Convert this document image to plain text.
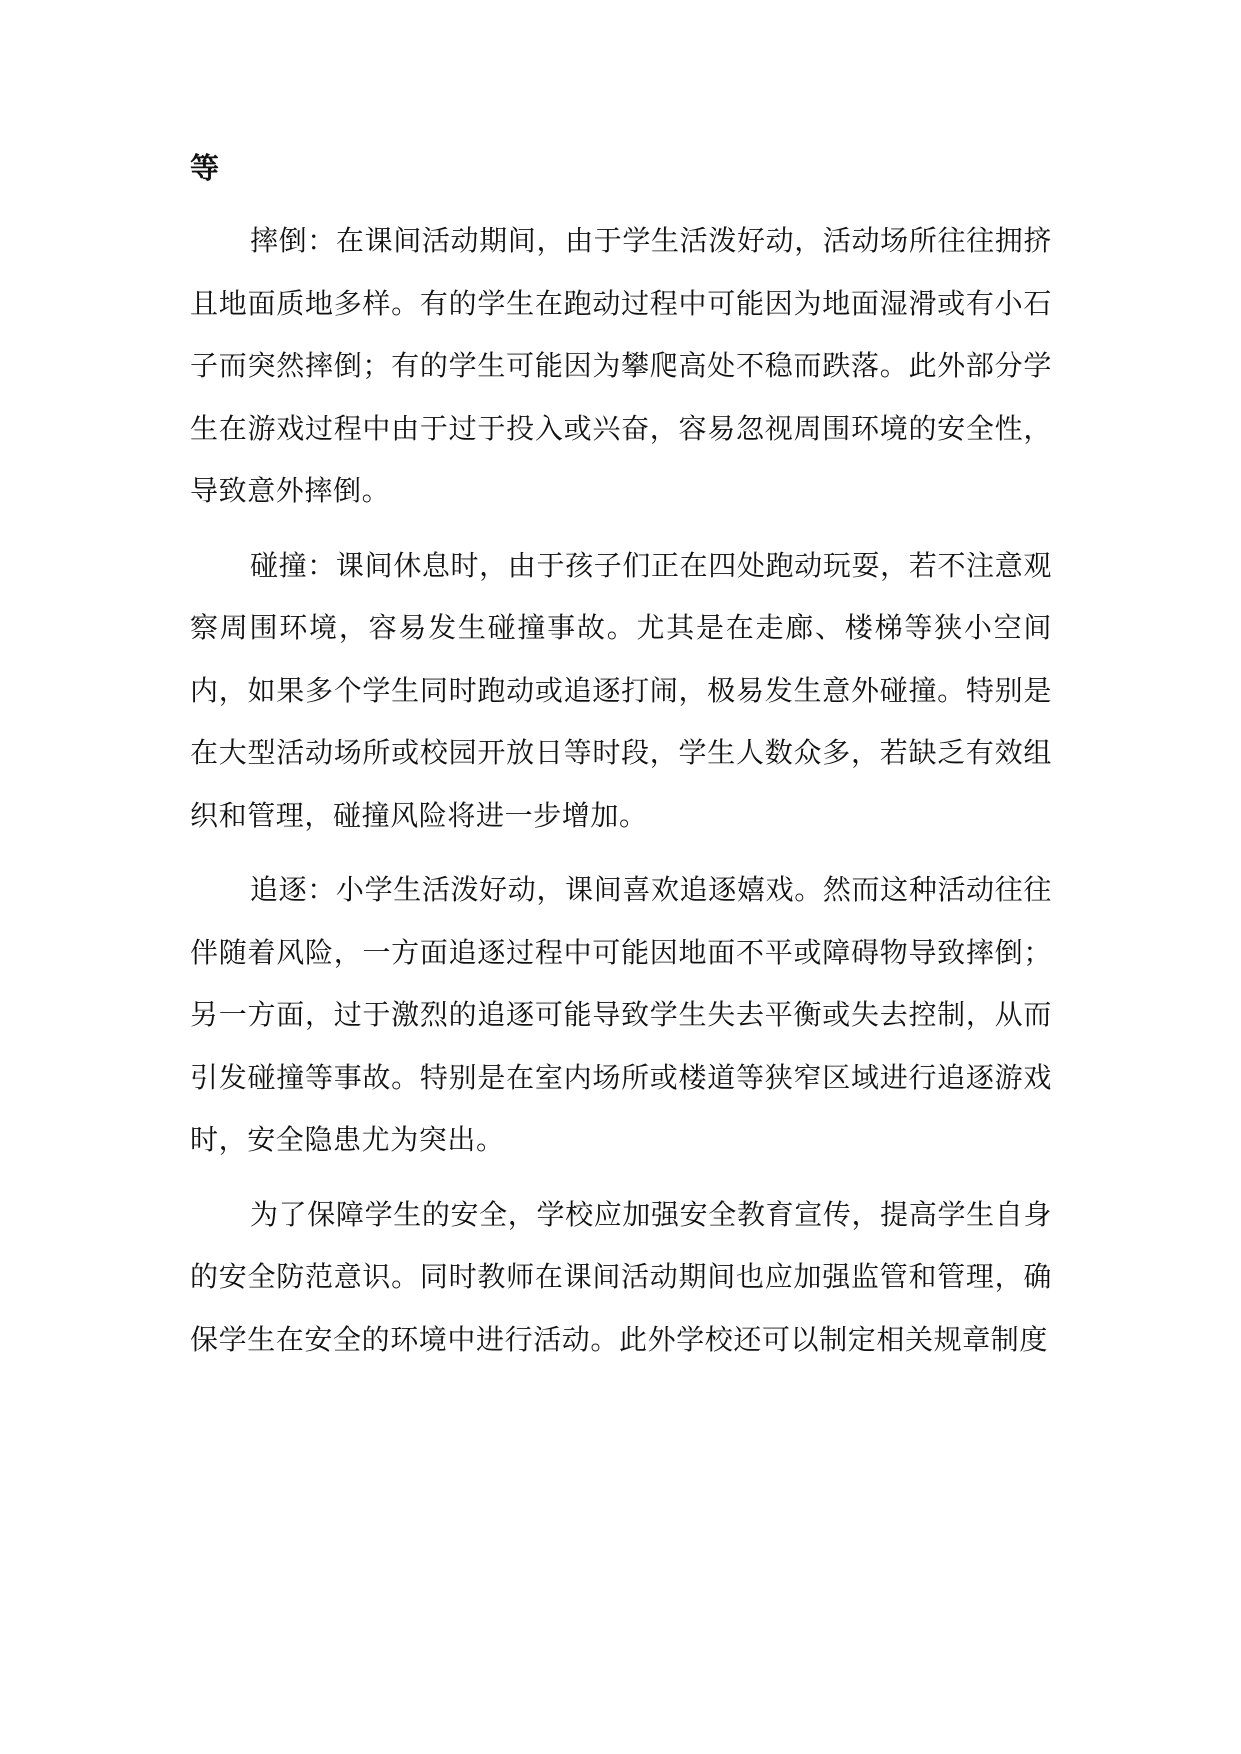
等

摔倒：在课间活动期间，由于学生活泼好动，活动场所往往拥挤且地面质地多样。有的学生在跑动过程中可能因为地面湿滑或有小石子而突然摔倒；有的学生可能因为攀爬高处不稳而跌落。此外部分学生在游戏过程中由于过于投入或兴奋，容易忽视周围环境的安全性，导致意外摔倒。

碰撞：课间休息时，由于孩子们正在四处跑动玩耍，若不注意观察周围环境，容易发生碰撞事故。尤其是在走廊、楼梯等狭小空间内，如果多个学生同时跑动或追逐打闹，极易发生意外碰撞。特别是在大型活动场所或校园开放日等时段，学生人数众多，若缺乏有效组织和管理，碰撞风险将进一步增加。

追逐：小学生活泼好动，课间喜欢追逐嬉戏。然而这种活动往往伴随着风险，一方面追逐过程中可能因地面不平或障碍物导致摔倒；另一方面，过于激烈的追逐可能导致学生失去平衡或失去控制，从而引发碰撞等事故。特别是在室内场所或楼道等狭窄区域进行追逐游戏时，安全隐患尤为突出。

为了保障学生的安全，学校应加强安全教育宣传，提高学生自身的安全防范意识。同时教师在课间活动期间也应加强监管和管理，确保学生在安全的环境中进行活动。此外学校还可以制定相关规章制度
